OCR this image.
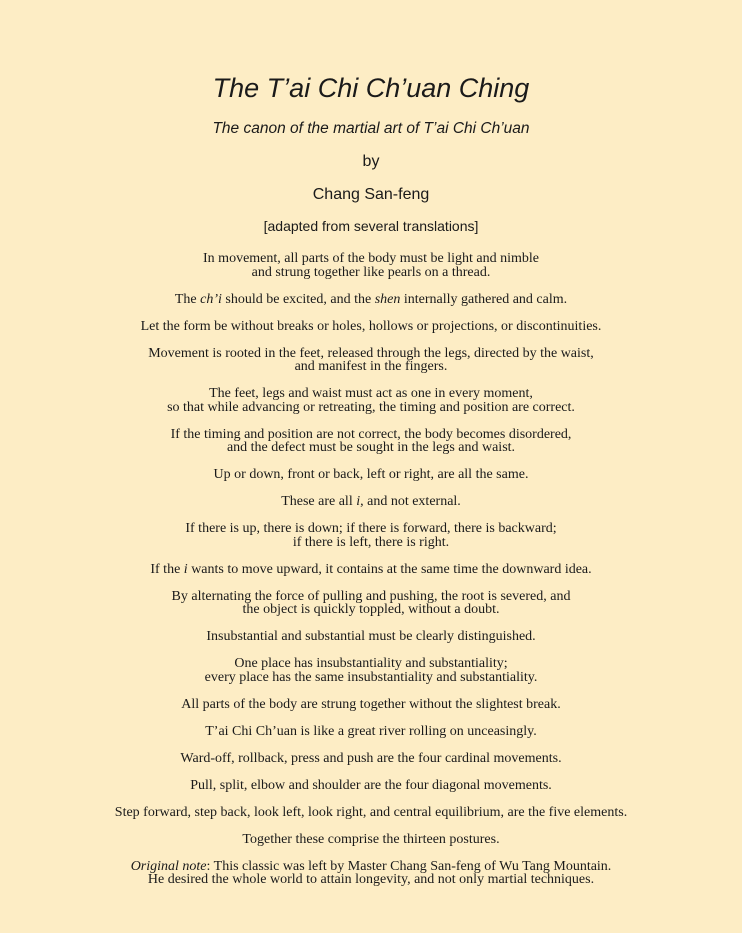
The T’ai Chi Ch’uan Ching
The canon of the martial art of T’ai Chi Ch’uan
by
Chang San-feng
[adapted from several translations]

In movement, all parts of the body must be light and nimble
and strung together like pearls on a thread.

The ch’i should be excited, and the shen internally gathered and calm.

Let the form be without breaks or holes, hollows or projections, or discontinuities.

Movement is rooted in the feet, released through the legs, directed by the waist,
and manifest in the fingers.

The feet, legs and waist must act as one in every moment,
so that while advancing or retreating, the timing and position are correct.

If the timing and position are not correct, the body becomes disordered,
and the defect must be sought in the legs and waist.

Up or down, front or back, left or right, are all the same.

These are all i, and not external.

If there is up, there is down; if there is forward, there is backward;
if there is left, there is right.

If the i wants to move upward, it contains at the same time the downward idea.

By alternating the force of pulling and pushing, the root is severed, and
the object is quickly toppled, without a doubt.

Insubstantial and substantial must be clearly distinguished.

One place has insubstantiality and substantiality;
every place has the same insubstantiality and substantiality.

All parts of the body are strung together without the slightest break.

T’ai Chi Ch’uan is like a great river rolling on unceasingly.

Ward-off, rollback, press and push are the four cardinal movements.

Pull, split, elbow and shoulder are the four diagonal movements.

Step forward, step back, look left, look right, and central equilibrium, are the five elements.

Together these comprise the thirteen postures.

Original note: This classic was left by Master Chang San-feng of Wu Tang Mountain.
He desired the whole world to attain longevity, and not only martial techniques.
